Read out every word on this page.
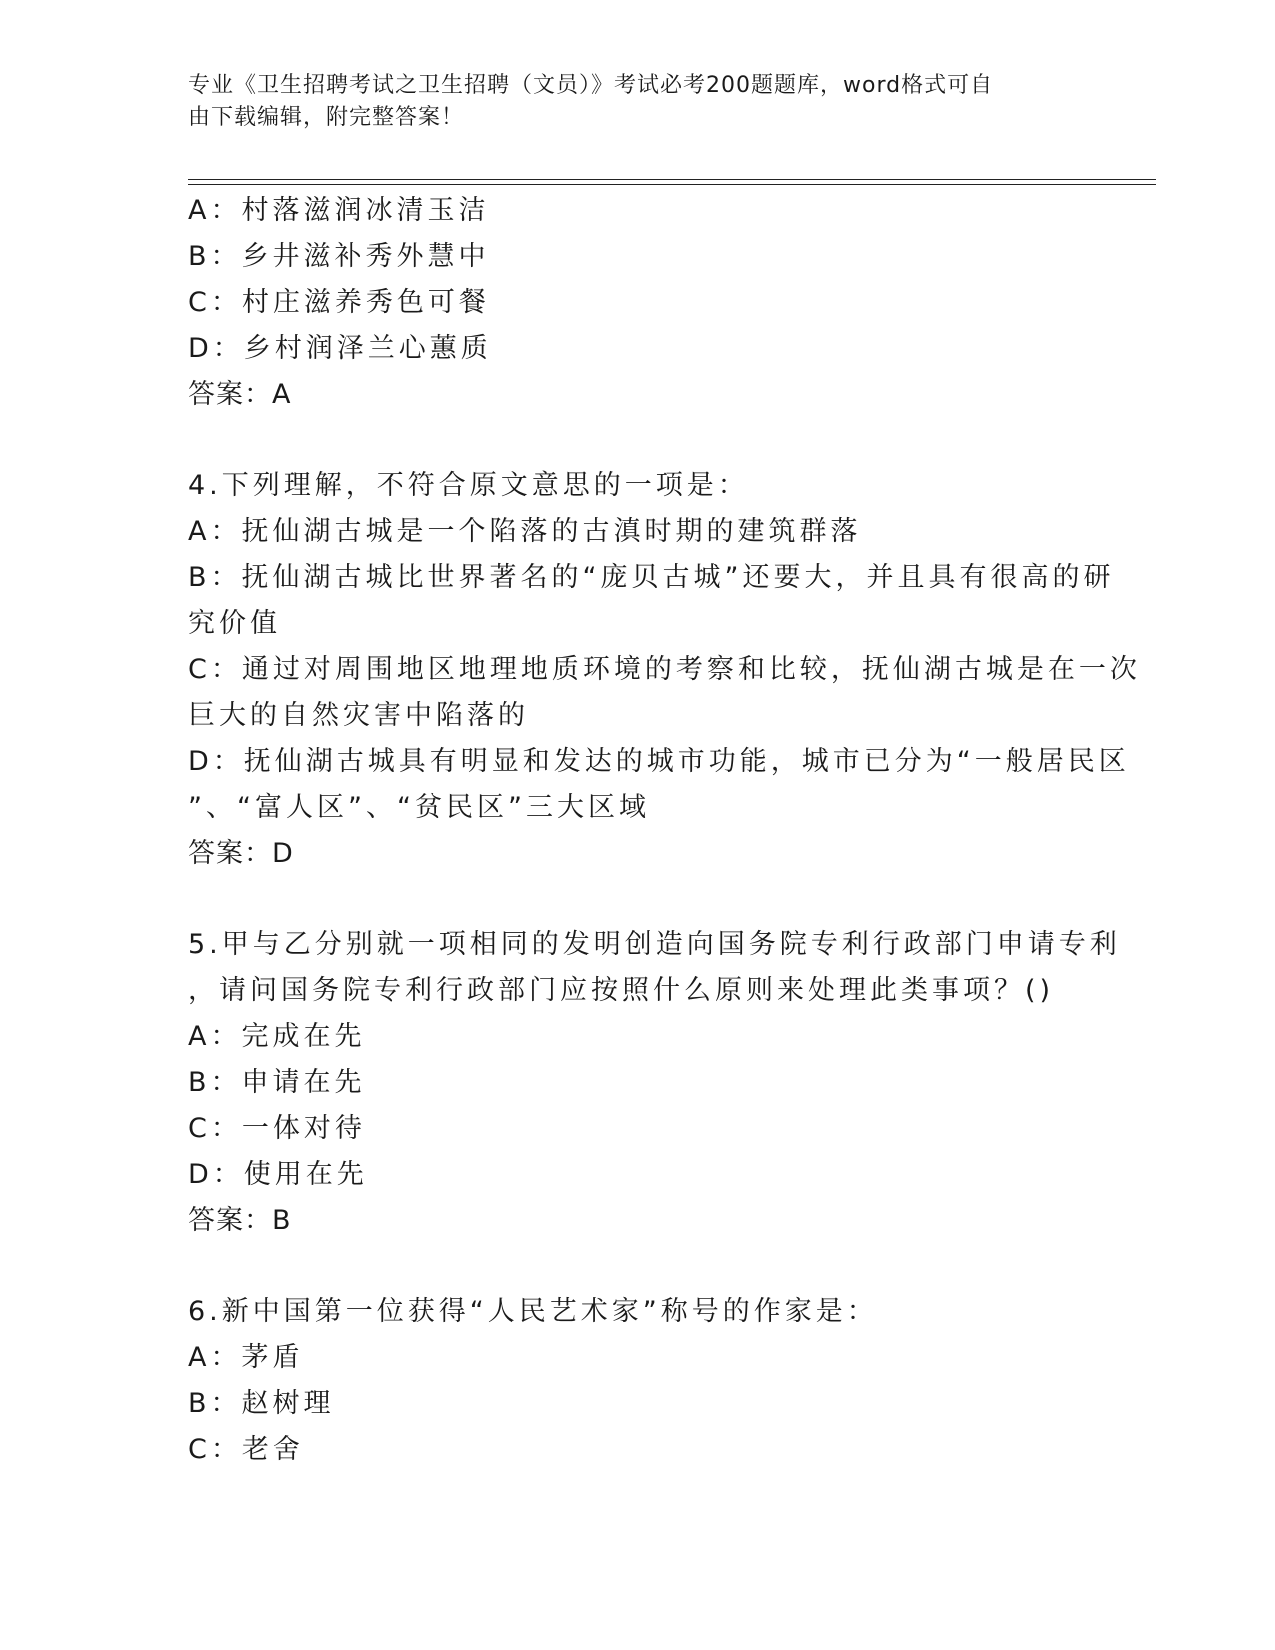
专业《卫生招聘考试之卫生招聘（文员）》考试必考200题题库，word格式可自
由下载编辑，附完整答案！
A：村落滋润冰清玉洁
B：乡井滋补秀外慧中
C：村庄滋养秀色可餐
D：乡村润泽兰心蕙质
答案：A
4.下列理解，不符合原文意思的一项是：
A：抚仙湖古城是一个陷落的古滇时期的建筑群落
B：抚仙湖古城比世界著名的“庞贝古城”还要大，并且具有很高的研
究价值
C：通过对周围地区地理地质环境的考察和比较，抚仙湖古城是在一次
巨大的自然灾害中陷落的
D：抚仙湖古城具有明显和发达的城市功能，城市已分为“一般居民区
”、“富人区”、“贫民区”三大区域
答案：D
5.甲与乙分别就一项相同的发明创造向国务院专利行政部门申请专利
，请问国务院专利行政部门应按照什么原则来处理此类事项？()
A：完成在先
B：申请在先
C：一体对待
D：使用在先
答案：B
6.新中国第一位获得“人民艺术家”称号的作家是：
A：茅盾
B：赵树理
C：老舍
